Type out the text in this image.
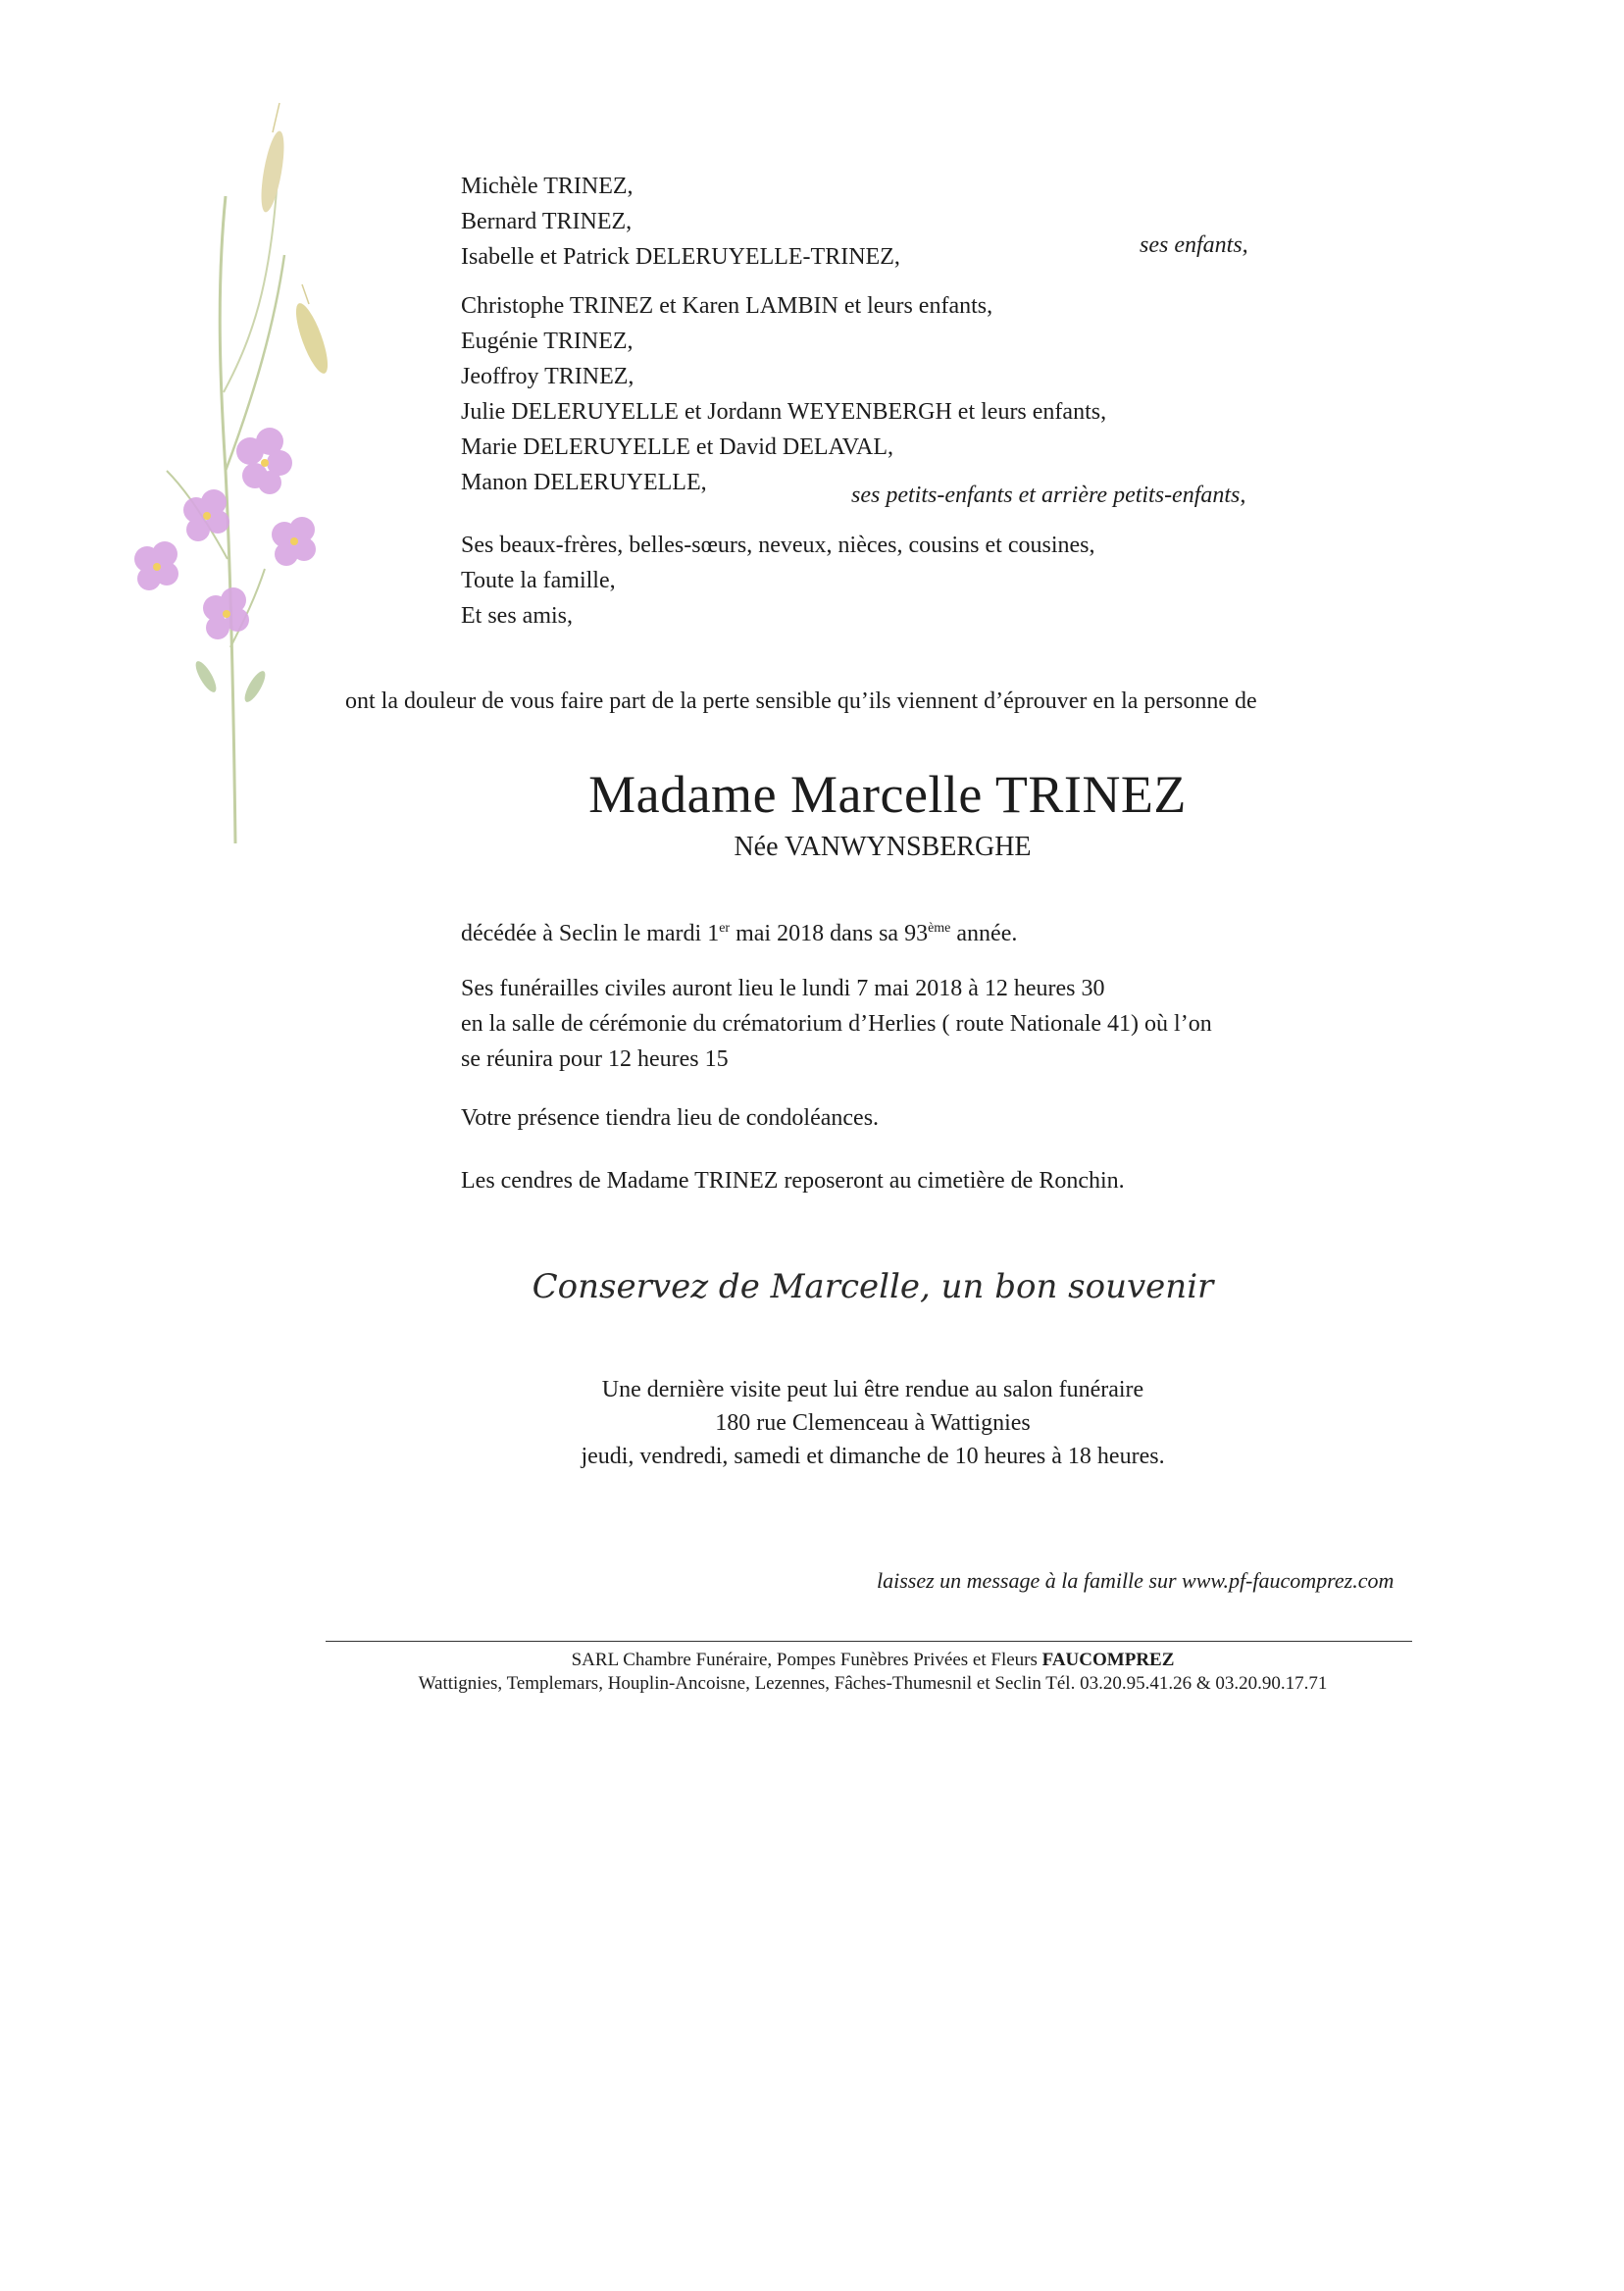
Michèle TRINEZ,
Bernard TRINEZ,
Isabelle et Patrick DELERUYELLE-TRINEZ,	ses enfants,
Christophe TRINEZ et Karen LAMBIN et leurs enfants,
Eugénie TRINEZ,
Jeoffroy TRINEZ,
Julie DELERUYELLE et Jordann WEYENBERGH et leurs enfants,
Marie DELERUYELLE et David DELAVAL,
Manon DELERUYELLE,	ses petits-enfants et arrière petits-enfants,
Ses beaux-frères, belles-sœurs, neveux, nièces, cousins et cousines,
Toute la famille,
Et ses amis,
ont la douleur de vous faire part de la perte sensible qu’ils viennent d’éprouver en la personne de
Madame Marcelle TRINEZ
Née VANWYNSBERGHE
décédée à Seclin le mardi 1er mai 2018 dans sa 93ème année.
Ses funérailles civiles auront lieu le lundi 7 mai 2018 à 12 heures 30
en la salle de cérémonie du crématorium d’Herlies ( route Nationale 41) où l’on
se réunira pour 12 heures 15
Votre présence tiendra lieu de condoléances.
Les cendres de Madame TRINEZ reposeront au cimetière de Ronchin.
Conservez de Marcelle, un bon souvenir
Une dernière visite peut lui être rendue au salon funéraire
180 rue Clemenceau à Wattignies
jeudi, vendredi, samedi et dimanche de 10 heures à 18 heures.
laissez un message à la famille sur www.pf-faucomprez.com
SARL Chambre Funéraire, Pompes Funèbres Privées et Fleurs FAUCOMPREZ
Wattignies, Templemars, Houplin-Ancoisne, Lezennes, Fâches-Thumesnil et Seclin Tél. 03.20.95.41.26 & 03.20.90.17.71
